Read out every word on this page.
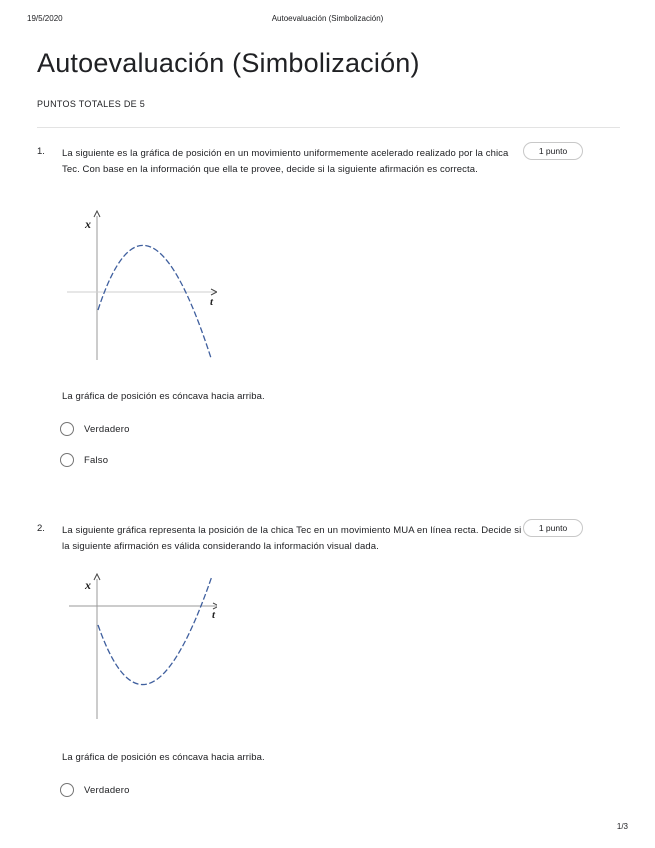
19/5/2020	Autoevaluación (Simbolización)
Autoevaluación (Simbolización)
PUNTOS TOTALES DE 5
1. La siguiente es la gráfica de posición en un movimiento uniformemente acelerado realizado por la chica Tec. Con base en la información que ella te provee, decide si la siguiente afirmación es correcta.

1 punto
x
t

La gráfica de posición es cóncava hacia arriba.

Verdadero
Falso
2. La siguiente gráfica representa la posición de la chica Tec en un movimiento MUA en línea recta. Decide si la siguiente afirmación es válida considerando la información visual dada.

1 punto
x
t

La gráfica de posición es cóncava hacia arriba.

Verdadero
1/3
